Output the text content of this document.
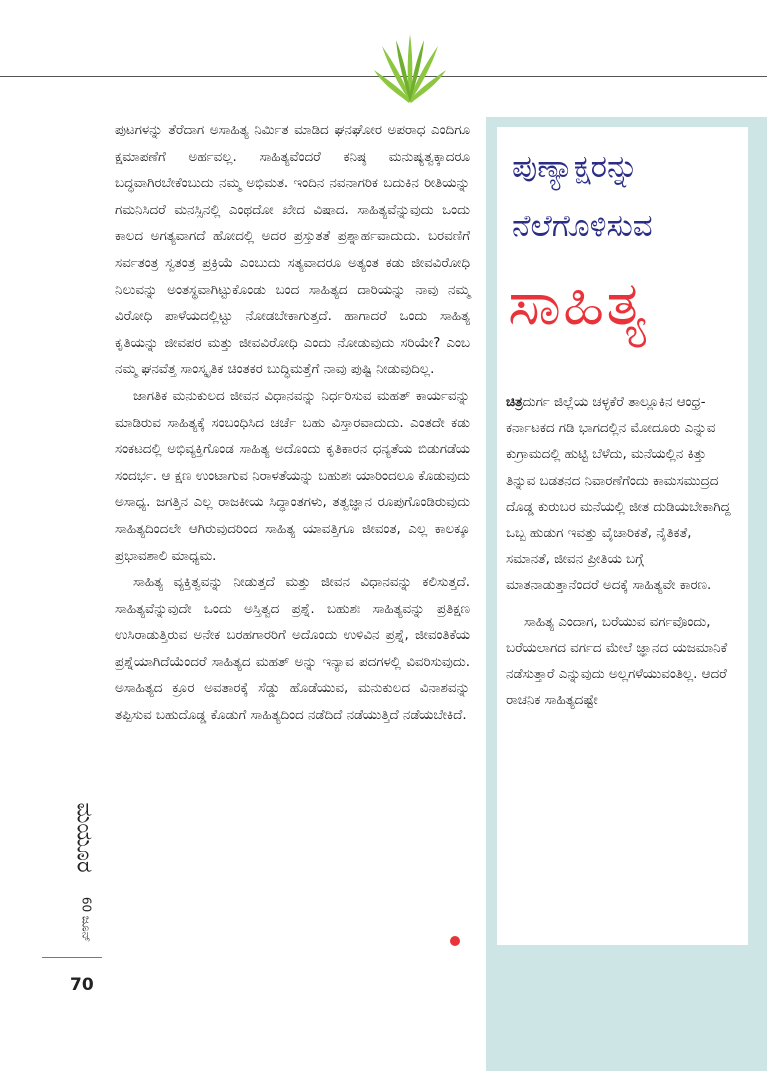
ಪುಣ್ಯಾಕ್ಷರನ್ನು
ನೆಲೆಗೊಳಿಸುವ
ಸಾಹಿತ್ಯ

ಚಿತ್ರದುರ್ಗ ಜಿಲ್ಲೆಯ ಚಳ್ಳಕೆರೆ ತಾಲ್ಲೂಕಿನ ಆಂಧ್ರ-ಕರ್ನಾಟಕದ ಗಡಿ ಭಾಗದಲ್ಲಿನ ಮೋದೂರು ಎನ್ನುವ ಕುಗ್ರಾಮದಲ್ಲಿ ಹುಟ್ಟಿ ಬೆಳೆದು, ಮನೆಯಲ್ಲಿನ ಕಿತ್ತು ತಿನ್ನುವ ಬಡತನದ ನಿವಾರಣೆಗೆಂದು ಕಾಮಸಮುದ್ರದ ದೊಡ್ಡ ಕುರುಬರ ಮನೆಯಲ್ಲಿ ಜೀತ ದುಡಿಯಬೇಕಾಗಿದ್ದ ಒಬ್ಬ ಹುಡುಗ ಇವತ್ತು ವೈಚಾರಿಕತೆ, ನೈತಿಕತೆ, ಸಮಾನತೆ, ಜೀವನ ಪ್ರೀತಿಯ ಬಗ್ಗೆ ಮಾತನಾಡುತ್ತಾನೆಂದರೆ ಅದಕ್ಕೆ ಸಾಹಿತ್ಯವೇ ಕಾರಣ.

ಸಾಹಿತ್ಯ ಎಂದಾಗ, ಬರೆಯುವ ವರ್ಗವೊಂದು, ಬರೆಯಲಾಗದ ವರ್ಗದ ಮೇಲೆ ಜ್ಞಾನದ ಯಜಮಾನಿಕೆ ನಡೆಸುತ್ತಾರೆ ಎನ್ನುವುದು ಅಲ್ಲಗಳೆಯುವಂತಿಲ್ಲ. ಆದರೆ ರಾಚನಿಕ ಸಾಹಿತ್ಯದಷ್ಟೇ

ಪುಟಗಳನ್ನು ತೆರೆದಾಗ ಅಸಾಹಿತ್ಯ ನಿರ್ಮಿತ ಮಾಡಿದ ಘನಘೋರ ಅಪರಾಧ ಎಂದಿಗೂ ಕ್ಷಮಾಪಣೆಗೆ ಅರ್ಹವಲ್ಲ. ಸಾಹಿತ್ಯವೆಂದರೆ ಕನಿಷ್ಠ ಮನುಷ್ಯತ್ವಕ್ಕಾದರೂ ಬದ್ಧವಾಗಿರಬೇಕೆಂಬುದು ನಮ್ಮ ಅಭಿಮತ. ಇಂದಿನ ನವನಾಗರಿಕ ಬದುಕಿನ ರೀತಿಯನ್ನು ಗಮನಿಸಿದರೆ ಮನಸ್ಸಿನಲ್ಲಿ ಎಂಥದೋ ಖೇದ ವಿಷಾದ. ಸಾಹಿತ್ಯವೆನ್ನುವುದು ಒಂದು ಕಾಲದ ಅಗತ್ಯವಾಗದೆ ಹೋದಲ್ಲಿ ಅದರ ಪ್ರಸ್ತುತತೆ ಪ್ರಶ್ನಾರ್ಹವಾದುದು. ಬರವಣಿಗೆ ಸರ್ವತಂತ್ರ ಸ್ವತಂತ್ರ ಪ್ರಕ್ರಿಯೆ ಎಂಬುದು ಸತ್ಯವಾದರೂ ಅತ್ಯಂತ ಕಡು ಜೀವವಿರೋಧಿ ನಿಲುವನ್ನು ಅಂತಸ್ಥವಾಗಿಟ್ಟುಕೊಂಡು ಬಂದ ಸಾಹಿತ್ಯದ ದಾರಿಯನ್ನು ನಾವು ನಮ್ಮ ವಿರೋಧಿ ಪಾಳೆಯದಲ್ಲಿಟ್ಟು ನೋಡಬೇಕಾಗುತ್ತದೆ. ಹಾಗಾದರೆ ಒಂದು ಸಾಹಿತ್ಯ ಕೃತಿಯನ್ನು ಜೀವಪರ ಮತ್ತು ಜೀವವಿರೋಧಿ ಎಂದು ನೋಡುವುದು ಸರಿಯೇ? ಎಂಬ ನಮ್ಮ ಘನವೆತ್ತ ಸಾಂಸ್ಕೃತಿಕ ಚಿಂತಕರ ಬುದ್ಧಿಮತ್ತೆಗೆ ನಾವು ಪುಷ್ಟಿ ನೀಡುವುದಿಲ್ಲ.

ಜಾಗತಿಕ ಮನುಕುಲದ ಜೀವನ ವಿಧಾನವನ್ನು ನಿರ್ಧರಿಸುವ ಮಹತ್ ಕಾರ್ಯವನ್ನು ಮಾಡಿರುವ ಸಾಹಿತ್ಯಕ್ಕೆ ಸಂಬಂಧಿಸಿದ ಚರ್ಚೆ ಬಹು ವಿಸ್ತಾರವಾದುದು. ಎಂತದೇ ಕಡು ಸಂಕಟದಲ್ಲಿ ಅಭಿವ್ಯಕ್ತಿಗೊಂಡ ಸಾಹಿತ್ಯ ಅದೊಂದು ಕೃತಿಕಾರನ ಧನ್ಯತೆಯ ಬಿಡುಗಡೆಯ ಸಂದರ್ಭ. ಆ ಕ್ಷಣ ಉಂಟಾಗುವ ನಿರಾಳತೆಯನ್ನು ಬಹುಶಃ ಯಾರಿಂದಲೂ ಕೊಡುವುದು ಅಸಾಧ್ಯ. ಜಗತ್ತಿನ ಎಲ್ಲ ರಾಜಕೀಯ ಸಿದ್ಧಾಂತಗಳು, ತತ್ವಜ್ಞಾನ ರೂಪುಗೊಂಡಿರುವುದು ಸಾಹಿತ್ಯದಿಂದಲೇ ಆಗಿರುವುದರಿಂದ ಸಾಹಿತ್ಯ ಯಾವತ್ತಿಗೂ ಜೀವಂತ, ಎಲ್ಲ ಕಾಲಕ್ಕೂ ಪ್ರಭಾವಶಾಲಿ ಮಾಧ್ಯಮ.

ಸಾಹಿತ್ಯ ವ್ಯಕ್ತಿತ್ವವನ್ನು ನೀಡುತ್ತದೆ ಮತ್ತು ಜೀವನ ವಿಧಾನವನ್ನು ಕಲಿಸುತ್ತದೆ. ಸಾಹಿತ್ಯವೆನ್ನುವುದೇ ಒಂದು ಅಸ್ತಿತ್ವದ ಪ್ರಶ್ನೆ. ಬಹುಶಃ ಸಾಹಿತ್ಯವನ್ನು ಪ್ರತಿಕ್ಷಣ ಉಸಿರಾಡುತ್ತಿರುವ ಅನೇಕ ಬರಹಗಾರರಿಗೆ ಅದೊಂದು ಉಳಿವಿನ ಪ್ರಶ್ನೆ, ಜೀವಂತಿಕೆಯ ಪ್ರಶ್ನೆಯಾಗಿದೆಯೆಂದರೆ ಸಾಹಿತ್ಯದ ಮಹತ್ ಅನ್ನು ಇನ್ಯಾವ ಪದಗಳಲ್ಲಿ ವಿವರಿಸುವುದು. ಅಸಾಹಿತ್ಯದ ಕ್ರೂರ ಅವತಾರಕ್ಕೆ ಸೆಡ್ಡು ಹೊಡೆಯುವ, ಮನುಕುಲದ ವಿನಾಶವನ್ನು ತಪ್ಪಿಸುವ ಬಹುದೊಡ್ಡ ಕೊಡುಗೆ ಸಾಹಿತ್ಯದಿಂದ ನಡೆದಿದೆ ನಡೆಯುತ್ತಿದೆ ನಡೆಯಬೇಕಿದೆ.

ಮಯೂರ
60 ಜೂನ್
70
